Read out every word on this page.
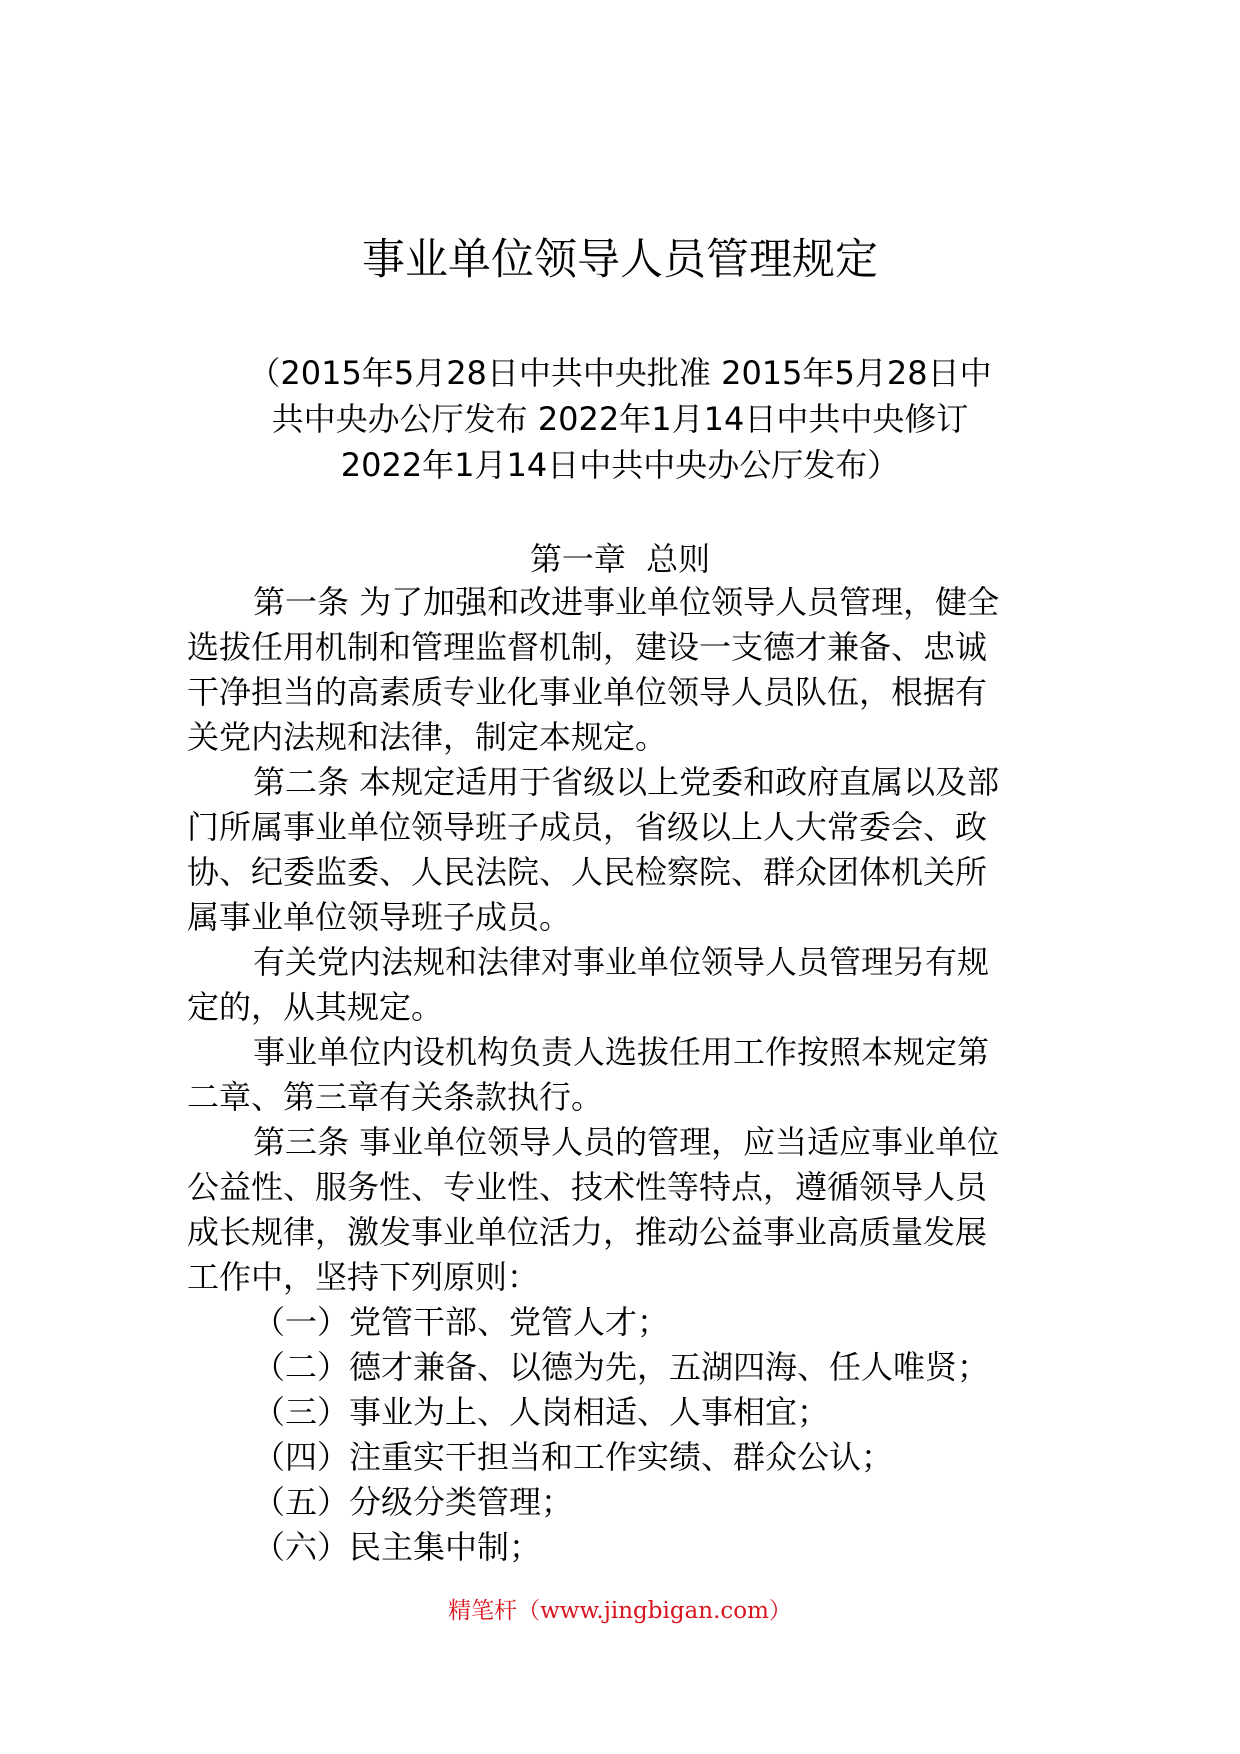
事业单位领导人员管理规定
（2015年5月28日中共中央批准 2015年5月28日中
共中央办公厅发布 2022年1月14日中共中央修订
2022年1月14日中共中央办公厅发布）
第一章  总则
第一条 为了加强和改进事业单位领导人员管理，健全
选拔任用机制和管理监督机制，建设一支德才兼备、忠诚
干净担当的高素质专业化事业单位领导人员队伍，根据有
关党内法规和法律，制定本规定。
第二条 本规定适用于省级以上党委和政府直属以及部
门所属事业单位领导班子成员，省级以上人大常委会、政
协、纪委监委、人民法院、人民检察院、群众团体机关所
属事业单位领导班子成员。
有关党内法规和法律对事业单位领导人员管理另有规
定的，从其规定。
事业单位内设机构负责人选拔任用工作按照本规定第
二章、第三章有关条款执行。
第三条 事业单位领导人员的管理，应当适应事业单位
公益性、服务性、专业性、技术性等特点，遵循领导人员
成长规律，激发事业单位活力，推动公益事业高质量发展
工作中，坚持下列原则：
（一）党管干部、党管人才；
（二）德才兼备、以德为先，五湖四海、任人唯贤；
（三）事业为上、人岗相适、人事相宜；
（四）注重实干担当和工作实绩、群众公认；
（五）分级分类管理；
（六）民主集中制；
精笔杆（www.jingbigan.com）
